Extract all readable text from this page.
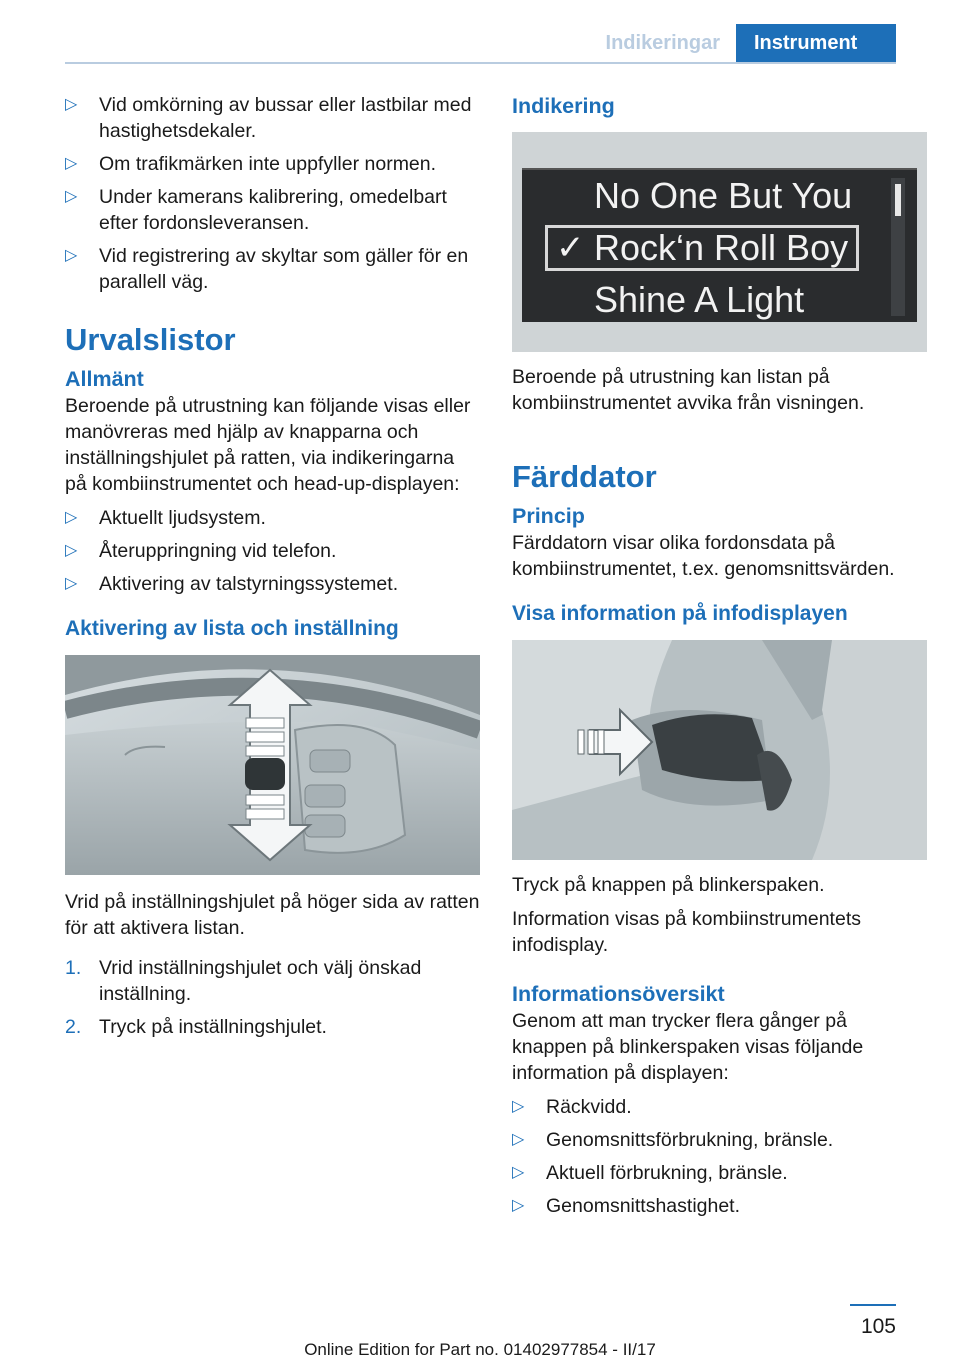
Indikeringar	Instrument
▷ Vid omkörning av bussar eller lastbilar med hastighetsdekaler.
▷ Om trafikmärken inte uppfyller normen.
▷ Under kamerans kalibrering, omedelbart efter fordonsleveransen.
▷ Vid registrering av skyltar som gäller för en parallell väg.
Urvalslistor
Allmänt

Beroende på utrustning kan följande visas eller manövreras med hjälp av knapparna och inställningshjulet på ratten, via indikeringarna på kombiinstrumentet och head-up-displayen:

▷ Aktuellt ljudsystem.
▷ Återuppringning vid telefon.
▷ Aktivering av talstyrningssystemet.
Aktivering av lista och inställning

Vrid på inställningshjulet på höger sida av ratten för att aktivera listan.

1. Vrid inställningshjulet och välj önskad inställning.
2. Tryck på inställningshjulet.
Indikering
No One But You
✓ Rock‘n Roll Boy
Shine A Light

Beroende på utrustning kan listan på kombiinstrumentet avvika från visningen.

Färddator
Princip

Färddatorn visar olika fordonsdata på kombiinstrumentet, t.ex. genomsnittsvärden.

Visa information på infodisplayen

Tryck på knappen på blinkerspaken.

Information visas på kombiinstrumentets infodisplay.

Informationsöversikt

Genom att man trycker flera gånger på knappen på blinkerspaken visas följande information på displayen:

▷ Räckvidd.
▷ Genomsnittsförbrukning, bränsle.
▷ Aktuell förbrukning, bränsle.
▷ Genomsnittshastighet.
105
Online Edition for Part no. 01402977854 - II/17
